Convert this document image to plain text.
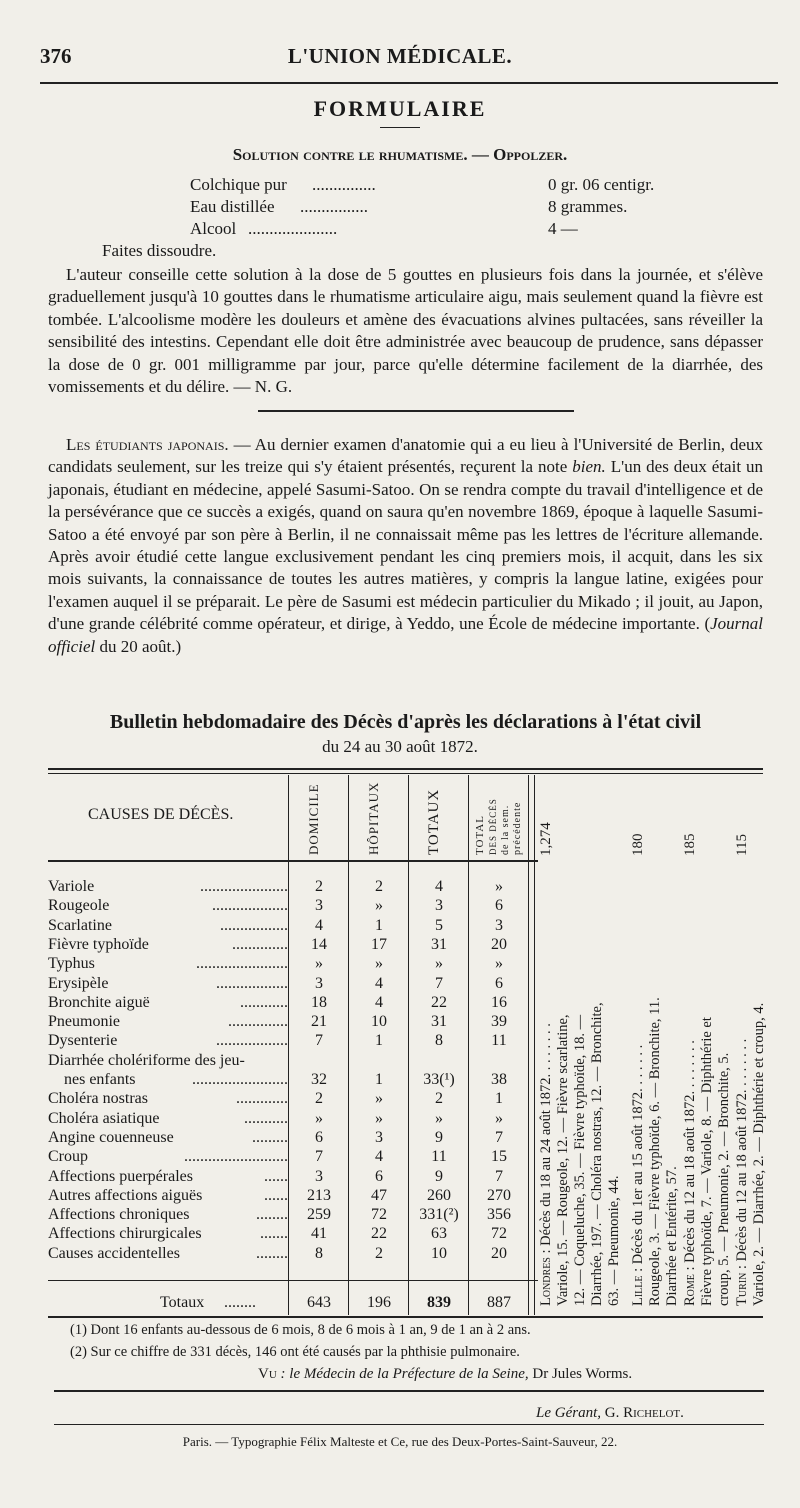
376	L'UNION MÉDICALE.
FORMULAIRE
Solution contre le rhumatisme. — Oppolzer.
Colchique pur ...............	0 gr. 06 centigr.
Eau distillée ................	8 grammes.
Alcool .....................	4 —
Faites dissoudre.

L'auteur conseille cette solution à la dose de 5 gouttes en plusieurs fois dans la journée, et s'élève graduellement jusqu'à 10 gouttes dans le rhumatisme articulaire aigu, mais seulement quand la fièvre est tombée. L'alcoolisme modère les douleurs et amène des évacuations alvines pultacées, sans réveiller la sensibilité des intestins. Cependant elle doit être administrée avec beaucoup de prudence, sans dépasser la dose de 0 gr. 001 milligramme par jour, parce qu'elle détermine facilement de la diarrhée, des vomissements et du délire. — N. G.

Les étudiants japonais. — Au dernier examen d'anatomie qui a eu lieu à l'Université de Berlin, deux candidats seulement, sur les treize qui s'y étaient présentés, reçurent la note bien. L'un des deux était un japonais, étudiant en médecine, appelé Sasumi-Satoo. On se rendra compte du travail d'intelligence et de la persévérance que ce succès a exigés, quand on saura qu'en novembre 1869, époque à laquelle Sasumi-Satoo a été envoyé par son père à Berlin, il ne connaissait même pas les lettres de l'écriture allemande. Après avoir étudié cette langue exclusivement pendant les cinq premiers mois, il acquit, dans les six mois suivants, la connaissance de toutes les autres matières, y compris la langue latine, exigées pour l'examen auquel il se préparait. Le père de Sasumi est médecin particulier du Mikado ; il jouit, au Japon, d'une grande célébrité comme opérateur, et dirige, à Yeddo, une École de médecine importante. (Journal officiel du 20 août.)

Bulletin hebdomadaire des Décès d'après les déclarations à l'état civil
du 24 au 30 août 1872.
CAUSES DE DÉCÈS.	DOMICILE	HÔPITAUX	TOTAUX	TOTAL DES DÉCÈS de la sem. précédente
Variole	......................	2	2	4	»
Rougeole	...................	3	»	3	6
Scarlatine	.................	4	1	5	3
Fièvre typhoïde	..............	14	17	31	20
Typhus	.......................	»	»	»	»
Erysipèle	..................	3	4	7	6
Bronchite aiguë	............	18	4	22	16
Pneumonie	...............	21	10	31	39
Dysenterie	..................	7	1	8	11
Diarrhée cholériforme des jeu-
nes enfants	........................	32	1	33(¹)	38
Choléra nostras	.............	2	»	2	1
Choléra asiatique	...........	»	»	»	»
Angine couenneuse	.........	6	3	9	7
Croup	..........................	7	4	11	15
Affections puerpérales	......	3	6	9	7
Autres affections aiguës	......	213	47	260	270
Affections chroniques	........	259	72	331(²)	356
Affections chirurgicales	.......	41	22	63	72
Causes accidentelles	........	8	2	10	20
Totaux ........	643	196	839	887
1,274
Londres : Décès du 18 au 24 août 1872. . . . . . . . Variole, 15. — Rougeole, 12. — Fièvre scarlatine, 12. — Coqueluche, 35. — Fièvre typhoïde, 18. — Diarrhée, 197. — Choléra nostras, 12. — Bronchite, 63. — Pneumonie, 44.
180
Lille : Décès du 1er au 15 août 1872. . . . . . . Rougeole, 3. — Fièvre typhoïde, 6. — Bronchite, 11. Diarrhée et Entérite, 57.
185
Rome : Décès du 12 au 18 août 1872. . . . . . . . Fièvre typhoïde, 7. — Variole, 8. — Diphthérie et croup, 5. — Pneumonie, 2. — Bronchite, 5.
115
Turin : Décès du 12 au 18 août 1872. . . . . . . . Variole, 2. — Diarrhée, 2. — Diphthérie et croup, 4.
(1) Dont 16 enfants au-dessous de 6 mois, 8 de 6 mois à 1 an, 9 de 1 an à 2 ans.
(2) Sur ce chiffre de 331 décès, 146 ont été causés par la phthisie pulmonaire.
Vu : le Médecin de la Préfecture de la Seine, Dr Jules Worms.
Le Gérant, G. Richelot.
Paris. — Typographie Félix Malteste et Ce, rue des Deux-Portes-Saint-Sauveur, 22.
